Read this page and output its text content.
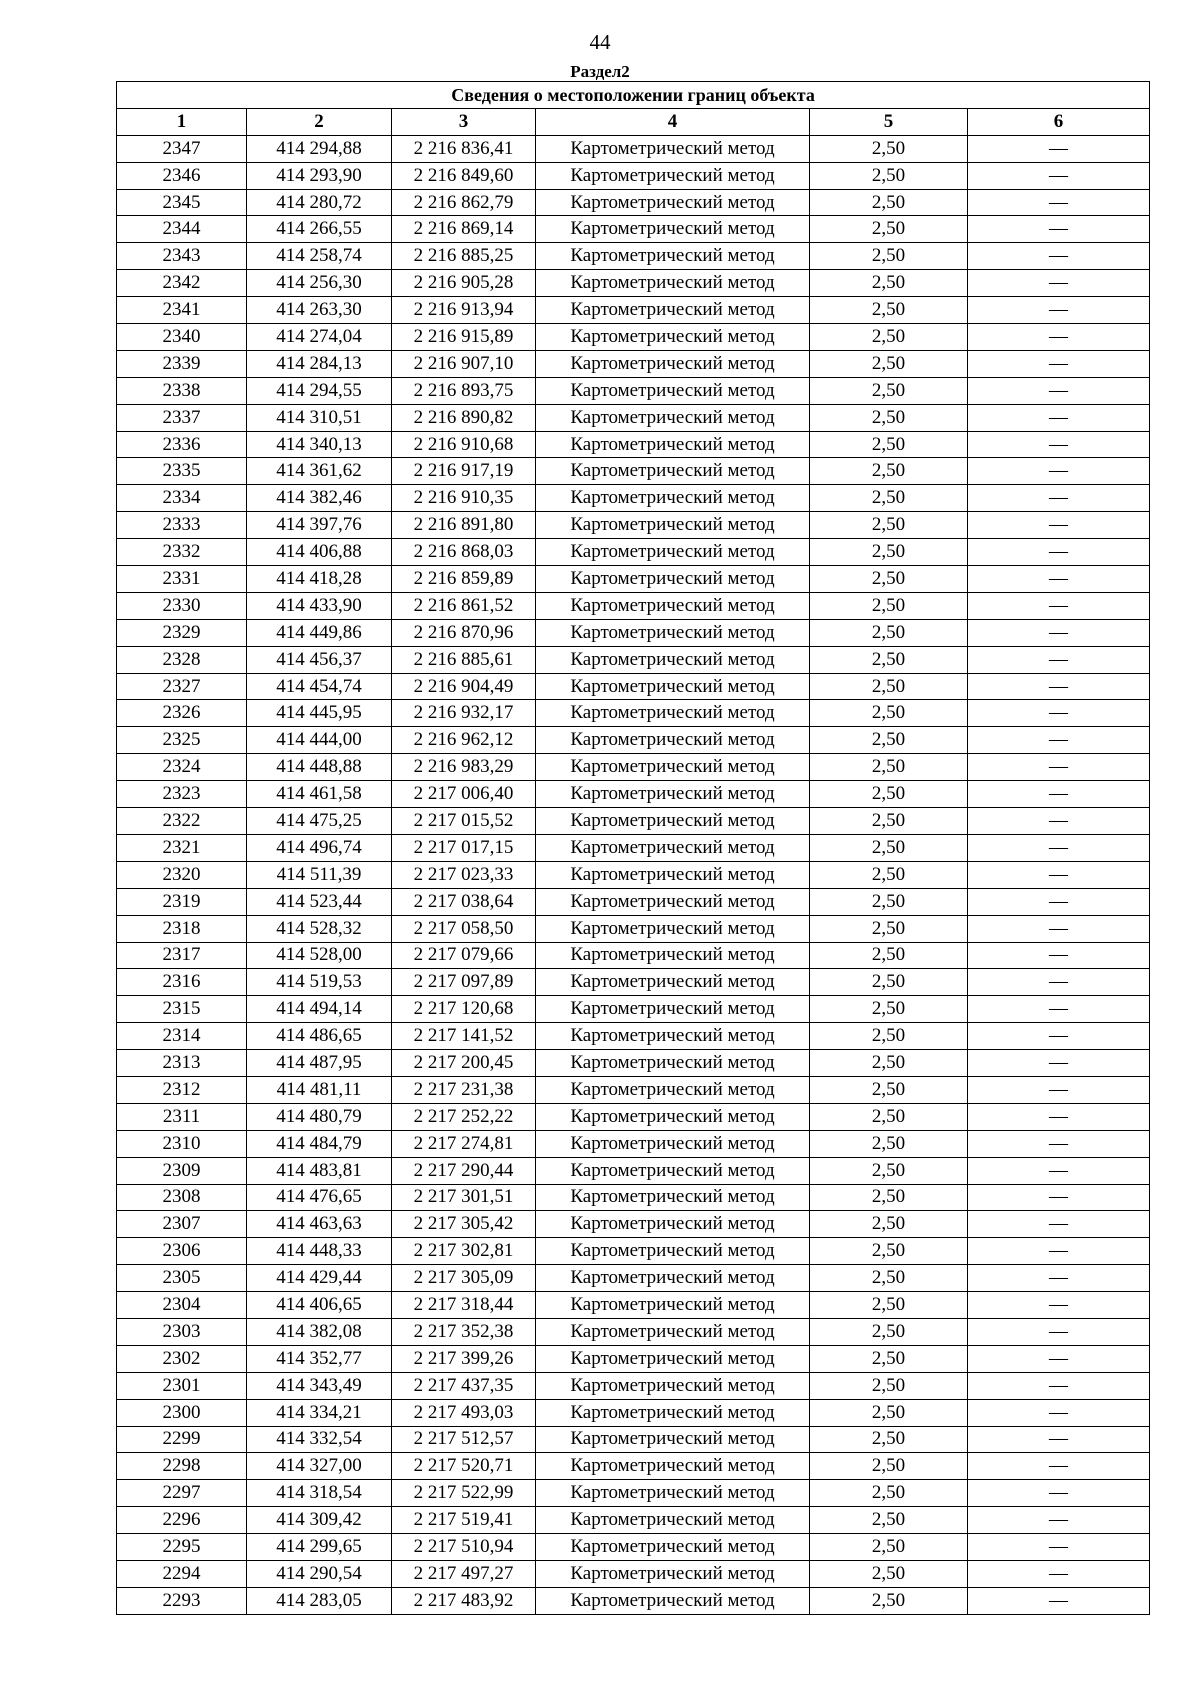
44
Раздел2
Сведения о местоположении границ объекта					
1	2	3	4	5	6
2347	414 294,88	2 216 836,41	Картометрический метод	2,50	—
2346	414 293,90	2 216 849,60	Картометрический метод	2,50	—
2345	414 280,72	2 216 862,79	Картометрический метод	2,50	—
2344	414 266,55	2 216 869,14	Картометрический метод	2,50	—
2343	414 258,74	2 216 885,25	Картометрический метод	2,50	—
2342	414 256,30	2 216 905,28	Картометрический метод	2,50	—
2341	414 263,30	2 216 913,94	Картометрический метод	2,50	—
2340	414 274,04	2 216 915,89	Картометрический метод	2,50	—
2339	414 284,13	2 216 907,10	Картометрический метод	2,50	—
2338	414 294,55	2 216 893,75	Картометрический метод	2,50	—
2337	414 310,51	2 216 890,82	Картометрический метод	2,50	—
2336	414 340,13	2 216 910,68	Картометрический метод	2,50	—
2335	414 361,62	2 216 917,19	Картометрический метод	2,50	—
2334	414 382,46	2 216 910,35	Картометрический метод	2,50	—
2333	414 397,76	2 216 891,80	Картометрический метод	2,50	—
2332	414 406,88	2 216 868,03	Картометрический метод	2,50	—
2331	414 418,28	2 216 859,89	Картометрический метод	2,50	—
2330	414 433,90	2 216 861,52	Картометрический метод	2,50	—
2329	414 449,86	2 216 870,96	Картометрический метод	2,50	—
2328	414 456,37	2 216 885,61	Картометрический метод	2,50	—
2327	414 454,74	2 216 904,49	Картометрический метод	2,50	—
2326	414 445,95	2 216 932,17	Картометрический метод	2,50	—
2325	414 444,00	2 216 962,12	Картометрический метод	2,50	—
2324	414 448,88	2 216 983,29	Картометрический метод	2,50	—
2323	414 461,58	2 217 006,40	Картометрический метод	2,50	—
2322	414 475,25	2 217 015,52	Картометрический метод	2,50	—
2321	414 496,74	2 217 017,15	Картометрический метод	2,50	—
2320	414 511,39	2 217 023,33	Картометрический метод	2,50	—
2319	414 523,44	2 217 038,64	Картометрический метод	2,50	—
2318	414 528,32	2 217 058,50	Картометрический метод	2,50	—
2317	414 528,00	2 217 079,66	Картометрический метод	2,50	—
2316	414 519,53	2 217 097,89	Картометрический метод	2,50	—
2315	414 494,14	2 217 120,68	Картометрический метод	2,50	—
2314	414 486,65	2 217 141,52	Картометрический метод	2,50	—
2313	414 487,95	2 217 200,45	Картометрический метод	2,50	—
2312	414 481,11	2 217 231,38	Картометрический метод	2,50	—
2311	414 480,79	2 217 252,22	Картометрический метод	2,50	—
2310	414 484,79	2 217 274,81	Картометрический метод	2,50	—
2309	414 483,81	2 217 290,44	Картометрический метод	2,50	—
2308	414 476,65	2 217 301,51	Картометрический метод	2,50	—
2307	414 463,63	2 217 305,42	Картометрический метод	2,50	—
2306	414 448,33	2 217 302,81	Картометрический метод	2,50	—
2305	414 429,44	2 217 305,09	Картометрический метод	2,50	—
2304	414 406,65	2 217 318,44	Картометрический метод	2,50	—
2303	414 382,08	2 217 352,38	Картометрический метод	2,50	—
2302	414 352,77	2 217 399,26	Картометрический метод	2,50	—
2301	414 343,49	2 217 437,35	Картометрический метод	2,50	—
2300	414 334,21	2 217 493,03	Картометрический метод	2,50	—
2299	414 332,54	2 217 512,57	Картометрический метод	2,50	—
2298	414 327,00	2 217 520,71	Картометрический метод	2,50	—
2297	414 318,54	2 217 522,99	Картометрический метод	2,50	—
2296	414 309,42	2 217 519,41	Картометрический метод	2,50	—
2295	414 299,65	2 217 510,94	Картометрический метод	2,50	—
2294	414 290,54	2 217 497,27	Картометрический метод	2,50	—
2293	414 283,05	2 217 483,92	Картометрический метод	2,50	—
